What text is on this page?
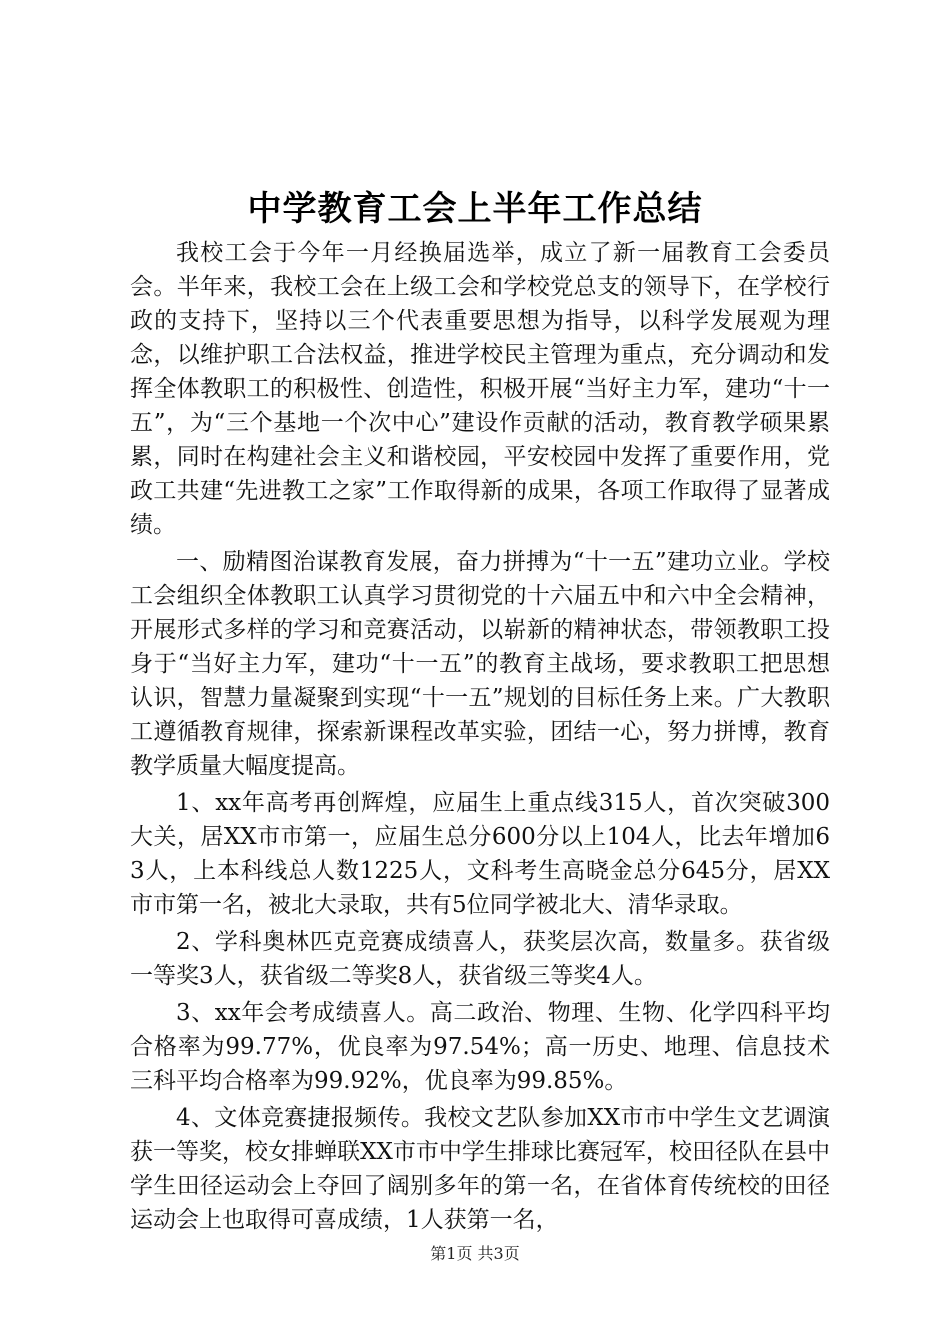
中学教育工会上半年工作总结

我校工会于今年一月经换届选举，成立了新一届教育工会委员会。半年来，我校工会在上级工会和学校党总支的领导下，在学校行政的支持下，坚持以三个代表重要思想为指导，以科学发展观为理念，以维护职工合法权益，推进学校民主管理为重点，充分调动和发挥全体教职工的积极性、创造性，积极开展“当好主力军，建功“十一五”，为“三个基地一个次中心”建设作贡献的活动，教育教学硕果累累，同时在构建社会主义和谐校园，平安校园中发挥了重要作用，党政工共建“先进教工之家”工作取得新的成果，各项工作取得了显著成绩。

一、励精图治谋教育发展，奋力拼搏为“十一五”建功立业。学校工会组织全体教职工认真学习贯彻党的十六届五中和六中全会精神，开展形式多样的学习和竞赛活动，以崭新的精神状态，带领教职工投身于“当好主力军，建功“十一五”的教育主战场，要求教职工把思想认识，智慧力量凝聚到实现“十一五”规划的目标任务上来。广大教职工遵循教育规律，探索新课程改革实验，团结一心，努力拼博，教育教学质量大幅度提高。

1、xx年高考再创辉煌，应届生上重点线315人，首次突破300大关，居XX市市第一，应届生总分600分以上104人，比去年增加63人，上本科线总人数1225人，文科考生高晓金总分645分，居XX市市第一名，被北大录取，共有5位同学被北大、清华录取。

2、学科奥林匹克竞赛成绩喜人，获奖层次高，数量多。获省级一等奖3人，获省级二等奖8人，获省级三等奖4人。

3、xx年会考成绩喜人。高二政治、物理、生物、化学四科平均合格率为99.77%，优良率为97.54%；高一历史、地理、信息技术三科平均合格率为99.92%，优良率为99.85%。

4、文体竞赛捷报频传。我校文艺队参加XX市市中学生文艺调演获一等奖，校女排蝉联XX市市中学生排球比赛冠军，校田径队在县中学生田径运动会上夺回了阔别多年的第一名，在省体育传统校的田径运动会上也取得可喜成绩，1人获第一名，

第1页 共3页
